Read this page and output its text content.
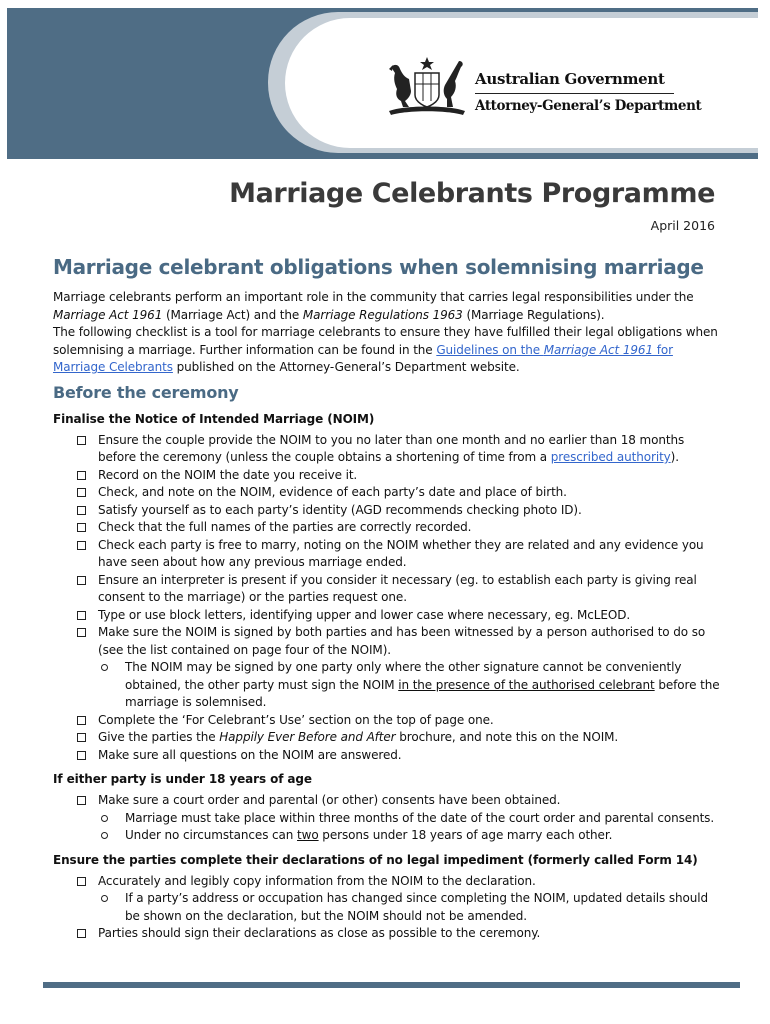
Australian Government
Attorney-General’s Department
Marriage Celebrants Programme
April 2016
Marriage celebrant obligations when solemnising marriage

Marriage celebrants perform an important role in the community that carries legal responsibilities under the Marriage Act 1961 (Marriage Act) and the Marriage Regulations 1963 (Marriage Regulations).

The following checklist is a tool for marriage celebrants to ensure they have fulfilled their legal obligations when solemnising a marriage. Further information can be found in the Guidelines on the Marriage Act 1961 for Marriage Celebrants published on the Attorney-General’s Department website.

Before the ceremony
Finalise the Notice of Intended Marriage (NOIM)
Ensure the couple provide the NOIM to you no later than one month and no earlier than 18 months before the ceremony (unless the couple obtains a shortening of time from a prescribed authority).
Record on the NOIM the date you receive it.
Check, and note on the NOIM, evidence of each party’s date and place of birth.
Satisfy yourself as to each party’s identity (AGD recommends checking photo ID).
Check that the full names of the parties are correctly recorded.
Check each party is free to marry, noting on the NOIM whether they are related and any evidence you have seen about how any previous marriage ended.
Ensure an interpreter is present if you consider it necessary (eg. to establish each party is giving real consent to the marriage) or the parties request one.
Type or use block letters, identifying upper and lower case where necessary, eg. McLEOD.
Make sure the NOIM is signed by both parties and has been witnessed by a person authorised to do so (see the list contained on page four of the NOIM).
The NOIM may be signed by one party only where the other signature cannot be conveniently obtained, the other party must sign the NOIM in the presence of the authorised celebrant before the marriage is solemnised.
Complete the ‘For Celebrant’s Use’ section on the top of page one.
Give the parties the Happily Ever Before and After brochure, and note this on the NOIM.
Make sure all questions on the NOIM are answered.
If either party is under 18 years of age
Make sure a court order and parental (or other) consents have been obtained.
Marriage must take place within three months of the date of the court order and parental consents.
Under no circumstances can two persons under 18 years of age marry each other.
Ensure the parties complete their declarations of no legal impediment (formerly called Form 14)
Accurately and legibly copy information from the NOIM to the declaration.
If a party’s address or occupation has changed since completing the NOIM, updated details should be shown on the declaration, but the NOIM should not be amended.
Parties should sign their declarations as close as possible to the ceremony.
